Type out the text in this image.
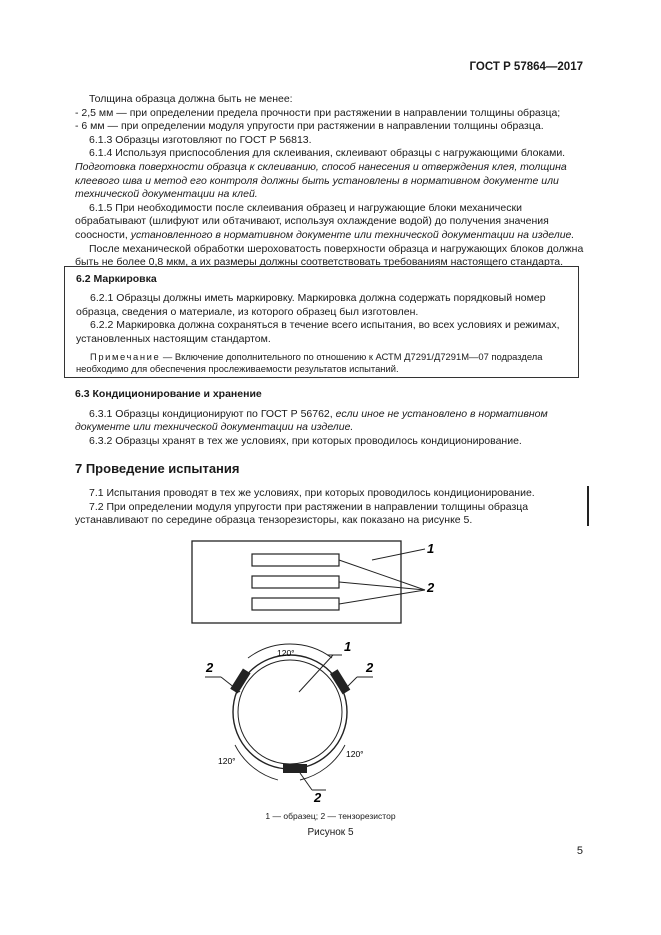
ГОСТ Р 57864—2017

Толщина образца должна быть не менее:

- 2,5 мм — при определении предела прочности при растяжении в направлении толщины образца;

- 6 мм — при определении модуля упругости при растяжении в направлении толщины образца.

6.1.3 Образцы изготовляют по ГОСТ Р 56813.

6.1.4 Используя приспособления для склеивания, склеивают образцы с нагружающими блоками.

Подготовка поверхности образца к склеиванию, способ нанесения и отверждения клея, толщина клеевого шва и метод его контроля должны быть установлены в нормативном документе или технической документации на клей.

6.1.5 При необходимости после склеивания образец и нагружающие блоки механически обрабатывают (шлифуют или обтачивают, используя охлаждение водой) до получения значения соосности, установленного в нормативном документе или технической документации на изделие.

После механической обработки шероховатость поверхности образца и нагружающих блоков должна быть не более 0,8 мкм, а их размеры должны соответствовать требованиям настоящего стандарта.

6.2 Маркировка

6.2.1 Образцы должны иметь маркировку. Маркировка должна содержать порядковый номер образца, сведения о материале, из которого образец был изготовлен.

6.2.2 Маркировка должна сохраняться в течение всего испытания, во всех условиях и режимах, установленных настоящим стандартом.

Примечание — Включение дополнительного по отношению к АСТМ Д7291/Д7291М—07 подраздела необходимо для обеспечения прослеживаемости результатов испытаний.

6.3 Кондиционирование и хранение

6.3.1 Образцы кондиционируют по ГОСТ Р 56762, если иное не установлено в нормативном документе или технической документации на изделие.

6.3.2 Образцы хранят в тех же условиях, при которых проводилось кондиционирование.

7 Проведение испытания

7.1 Испытания проводят в тех же условиях, при которых проводилось кондиционирование.

7.2 При определении модуля упругости при растяжении в направлении толщины образца устанавливают по середине образца тензорезисторы, как показано на рисунке 5.

1
2
120°
120°
120°
1
2	2
2
1 — образец; 2 — тензорезистор
Рисунок 5
5
